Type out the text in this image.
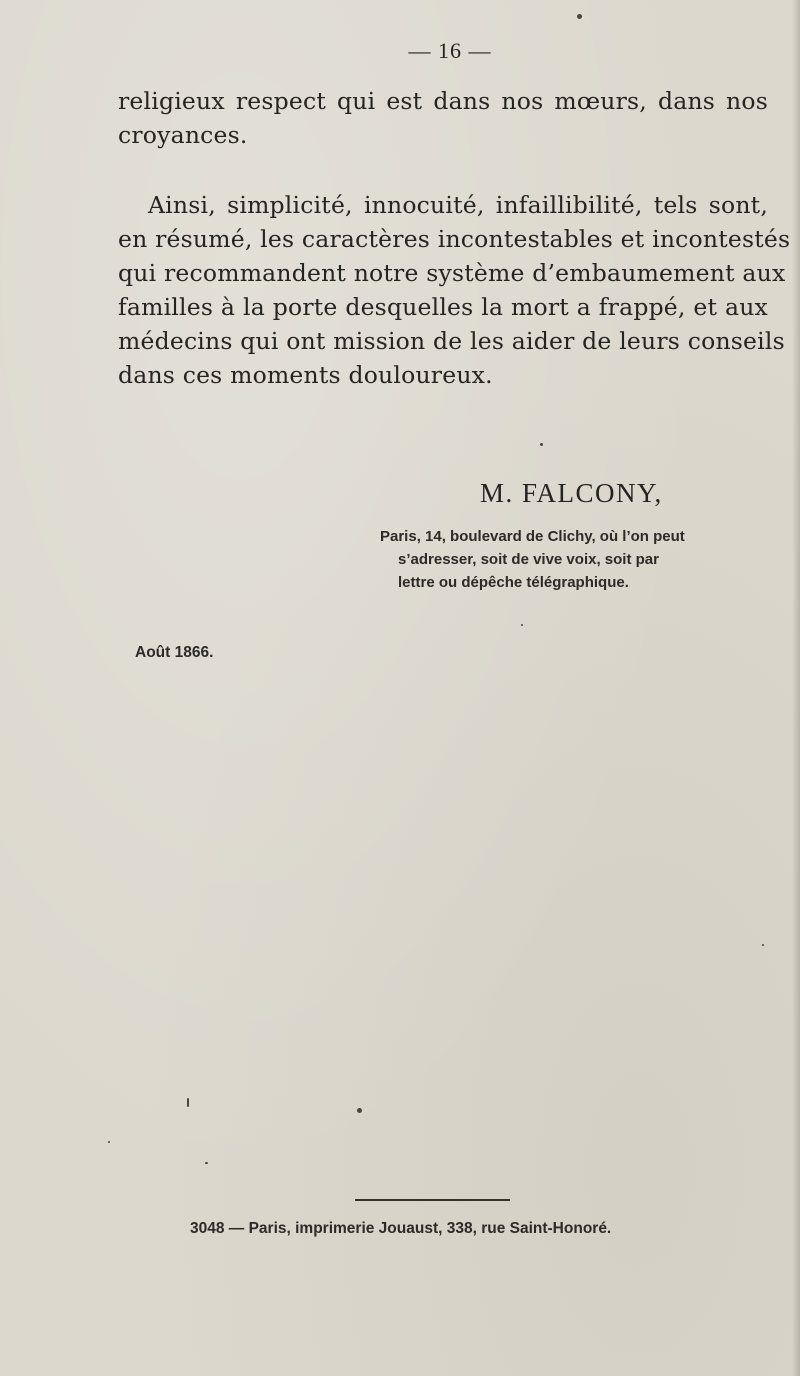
— 16 —
religieux respect qui est dans nos mœurs, dans nos
croyances.
Ainsi, simplicité, innocuité, infaillibilité, tels sont,
en résumé, les caractères incontestables et incontestés
qui recommandent notre système d’embaumement aux
familles à la porte desquelles la mort a frappé, et aux
médecins qui ont mission de les aider de leurs conseils
dans ces moments douloureux.
M. FALCONY,
Paris, 14, boulevard de Clichy, où l’on peut
s’adresser, soit de vive voix, soit par
lettre ou dépêche télégraphique.
Août 1866.
3048 — Paris, imprimerie Jouaust, 338, rue Saint-Honoré.
